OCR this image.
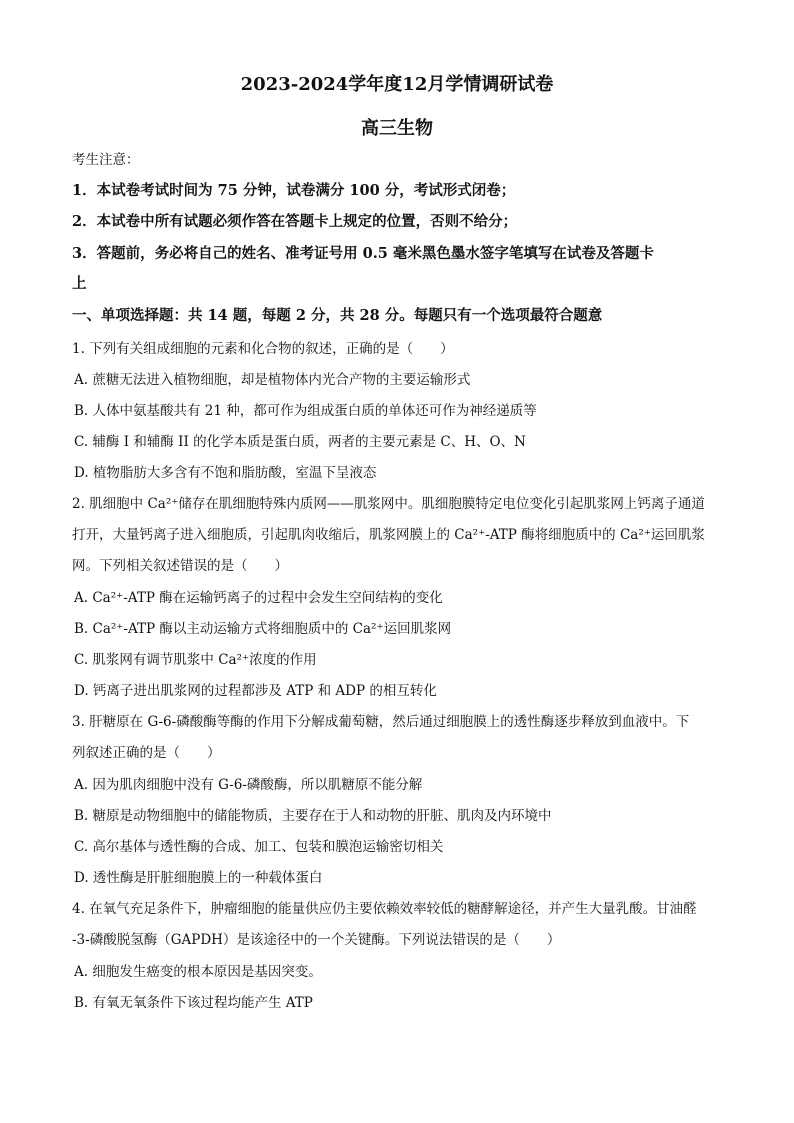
2023-2024学年度12月学情调研试卷
高三生物
考生注意：
1．本试卷考试时间为 75 分钟，试卷满分 100 分，考试形式闭卷；
2．本试卷中所有试题必须作答在答题卡上规定的位置，否则不给分；
3．答题前，务必将自己的姓名、准考证号用 0.5 毫米黑色墨水签字笔填写在试卷及答题卡
上
一、单项选择题：共 14 题，每题 2 分，共 28 分。每题只有一个选项最符合题意
1. 下列有关组成细胞的元素和化合物的叙述，正确的是（　　）
A. 蔗糖无法进入植物细胞，却是植物体内光合产物的主要运输形式
B. 人体中氨基酸共有 21 种，都可作为组成蛋白质的单体还可作为神经递质等
C. 辅酶 I 和辅酶 II 的化学本质是蛋白质，两者的主要元素是 C、H、O、N
D. 植物脂肪大多含有不饱和脂肪酸，室温下呈液态
2. 肌细胞中 Ca²⁺储存在肌细胞特殊内质网——肌浆网中。肌细胞膜特定电位变化引起肌浆网上钙离子通道
打开，大量钙离子进入细胞质，引起肌肉收缩后，肌浆网膜上的 Ca²⁺-ATP 酶将细胞质中的 Ca²⁺运回肌浆
网。下列相关叙述错误的是（　　）
A. Ca²⁺-ATP 酶在运输钙离子的过程中会发生空间结构的变化
B. Ca²⁺-ATP 酶以主动运输方式将细胞质中的 Ca²⁺运回肌浆网
C. 肌浆网有调节肌浆中 Ca²⁺浓度的作用
D. 钙离子进出肌浆网的过程都涉及 ATP 和 ADP 的相互转化
3. 肝糖原在 G-6-磷酸酶等酶的作用下分解成葡萄糖，然后通过细胞膜上的透性酶逐步释放到血液中。下
列叙述正确的是（　　）
A. 因为肌肉细胞中没有 G-6-磷酸酶，所以肌糖原不能分解
B. 糖原是动物细胞中的储能物质，主要存在于人和动物的肝脏、肌肉及内环境中
C. 高尔基体与透性酶的合成、加工、包装和膜泡运输密切相关
D. 透性酶是肝脏细胞膜上的一种载体蛋白
4. 在氧气充足条件下，肿瘤细胞的能量供应仍主要依赖效率较低的糖酵解途径，并产生大量乳酸。甘油醛
-3-磷酸脱氢酶（GAPDH）是该途径中的一个关键酶。下列说法错误的是（　　）
A. 细胞发生癌变的根本原因是基因突变。
B. 有氧无氧条件下该过程均能产生 ATP
